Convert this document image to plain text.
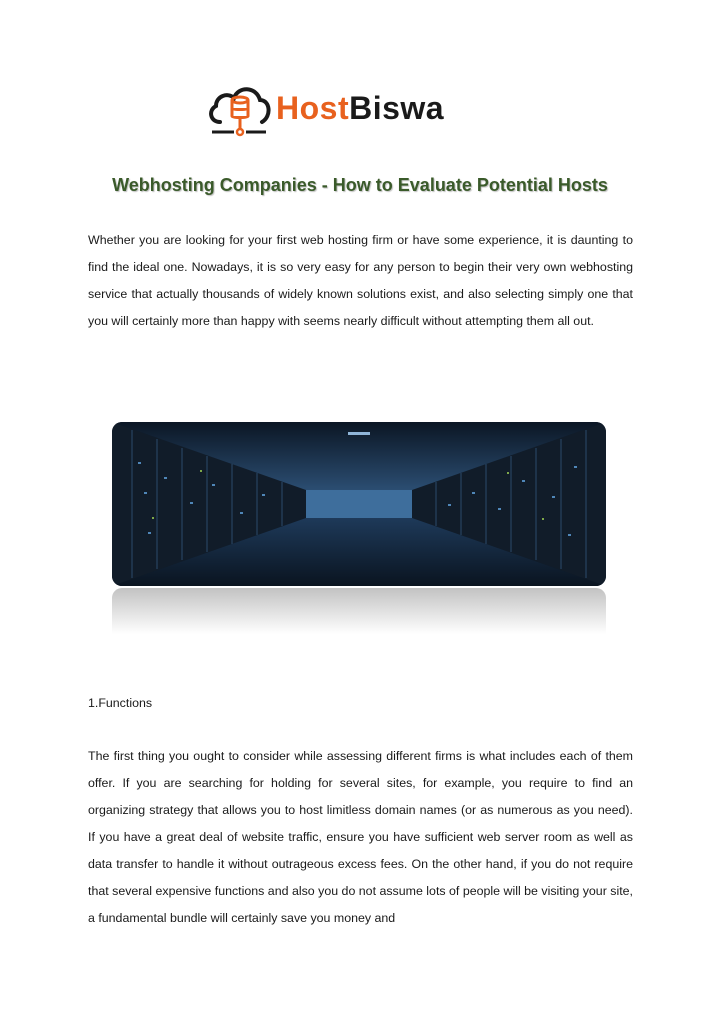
HostBiswa
Webhosting Companies - How to Evaluate Potential Hosts

Whether you are looking for your first web hosting firm or have some experience, it is daunting to find the ideal one. Nowadays, it is so very easy for any person to begin their very own webhosting service that actually thousands of widely known solutions exist, and also selecting simply one that you will certainly more than happy with seems nearly difficult without attempting them all out.

1.Functions

The first thing you ought to consider while assessing different firms is what includes each of them offer. If you are searching for holding for several sites, for example, you require to find an organizing strategy that allows you to host limitless domain names (or as numerous as you need). If you have a great deal of website traffic, ensure you have sufficient web server room as well as data transfer to handle it without outrageous excess fees. On the other hand, if you do not require that several expensive functions and also you do not assume lots of people will be visiting your site, a fundamental bundle will certainly save you money and
